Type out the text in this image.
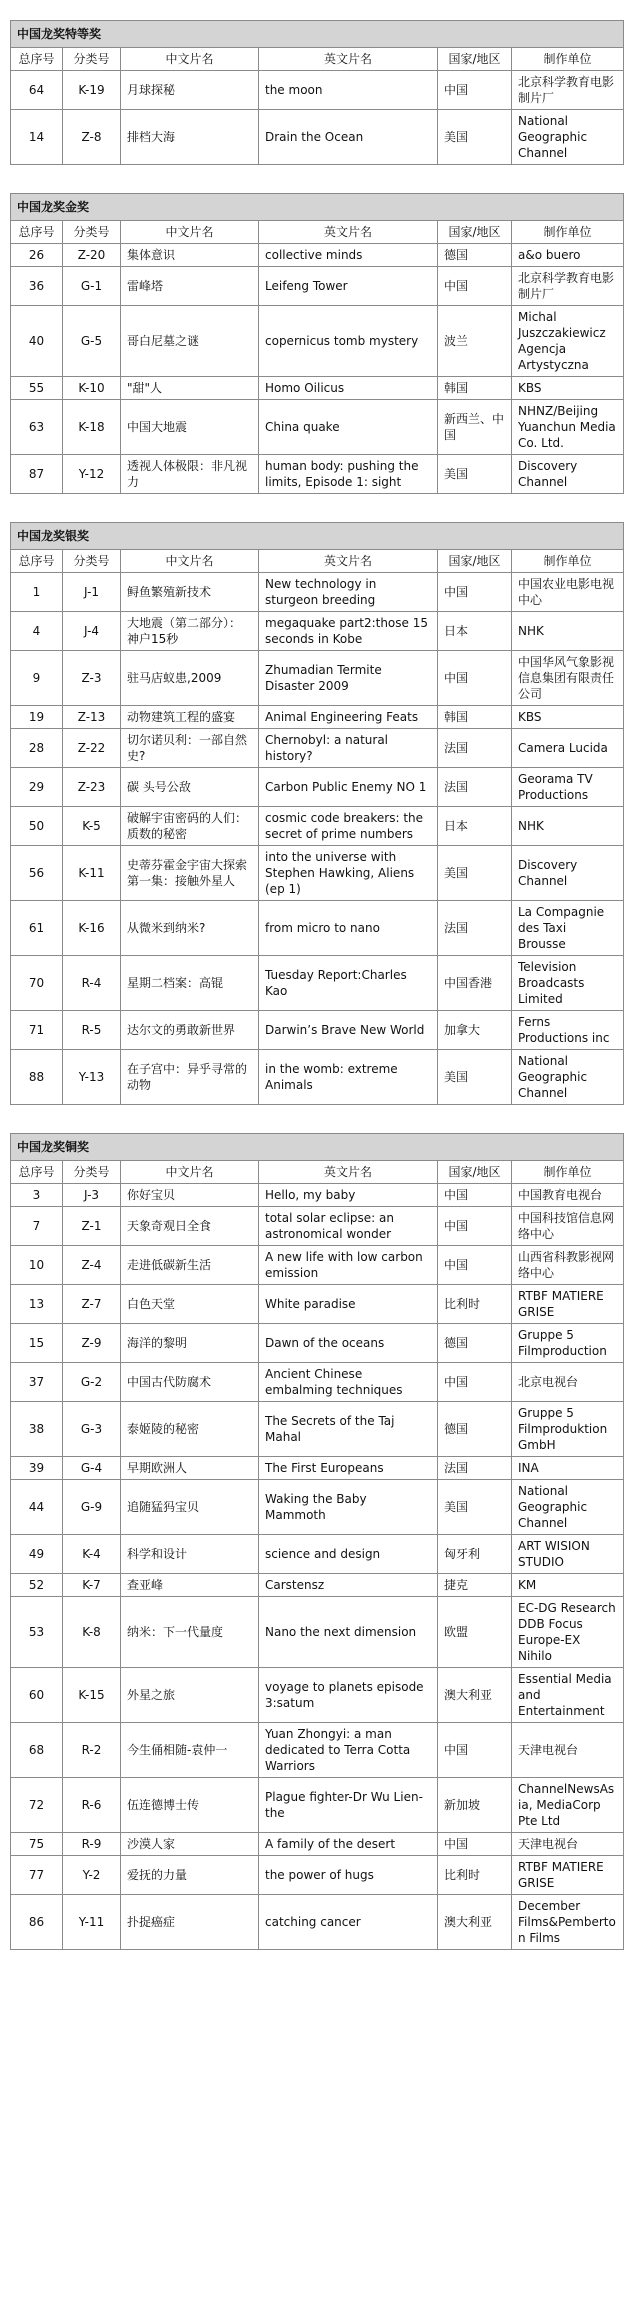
中国龙奖特等奖					
总序号	分类号	中文片名	英文片名	国家/地区	制作单位
64	K-19	月球探秘	the moon	中国	北京科学教育电影制片厂
14	Z-8	排档大海	Drain the Ocean	美国	National Geographic Channel
中国龙奖金奖					
总序号	分类号	中文片名	英文片名	国家/地区	制作单位
26	Z-20	集体意识	collective minds	德国	a&o buero
36	G-1	雷峰塔	Leifeng Tower	中国	北京科学教育电影制片厂
40	G-5	哥白尼墓之谜	copernicus tomb mystery	波兰	Michal Juszczakiewicz Agencja Artystyczna
55	K-10	"甜"人	Homo Oilicus	韩国	KBS
63	K-18	中国大地震	China quake	新西兰、中国	NHNZ/Beijing Yuanchun Media Co. Ltd.
87	Y-12	透视人体极限：非凡视力	human body: pushing the limits, Episode 1: sight	美国	Discovery Channel
中国龙奖银奖					
总序号	分类号	中文片名	英文片名	国家/地区	制作单位
1	J-1	鲟鱼繁殖新技术	New technology in sturgeon breeding	中国	中国农业电影电视中心
4	J-4	大地震（第二部分）：神户15秒	megaquake part2:those 15 seconds in Kobe	日本	NHK
9	Z-3	驻马店蚁患,2009	Zhumadian Termite Disaster 2009	中国	中国华风气象影视信息集团有限责任公司
19	Z-13	动物建筑工程的盛宴	Animal Engineering Feats	韩国	KBS
28	Z-22	切尔诺贝利：一部自然史?	Chernobyl: a natural history?	法国	Camera Lucida
29	Z-23	碳 头号公敌	Carbon Public Enemy NO 1	法国	Georama TV Productions
50	K-5	破解宇宙密码的人们：质数的秘密	cosmic code breakers: the secret of prime numbers	日本	NHK
56	K-11	史蒂芬霍金宇宙大探索第一集：接触外星人	into the universe with Stephen Hawking, Aliens (ep 1)	美国	Discovery Channel
61	K-16	从微米到纳米?	from micro to nano	法国	La Compagnie des Taxi Brousse
70	R-4	星期二档案：高锟	Tuesday Report:Charles Kao	中国香港	Television Broadcasts Limited
71	R-5	达尔文的勇敢新世界	Darwin’s Brave New World	加拿大	Ferns Productions inc
88	Y-13	在子宫中：异乎寻常的动物	in the womb: extreme Animals	美国	National Geographic Channel
中国龙奖铜奖					
总序号	分类号	中文片名	英文片名	国家/地区	制作单位
3	J-3	你好宝贝	Hello, my baby	中国	中国教育电视台
7	Z-1	天象奇观日全食	total solar eclipse: an astronomical wonder	中国	中国科技馆信息网络中心
10	Z-4	走进低碳新生活	A new life with low carbon emission	中国	山西省科教影视网络中心
13	Z-7	白色天堂	White paradise	比利时	RTBF MATIERE GRISE
15	Z-9	海洋的黎明	Dawn of the oceans	德国	Gruppe 5 Filmproduction
37	G-2	中国古代防腐术	Ancient Chinese embalming techniques	中国	北京电视台
38	G-3	泰姬陵的秘密	The Secrets of the Taj Mahal	德国	Gruppe 5 Filmproduktion GmbH
39	G-4	早期欧洲人	The First Europeans	法国	INA
44	G-9	追随猛犸宝贝	Waking the Baby Mammoth	美国	National Geographic Channel
49	K-4	科学和设计	science and design	匈牙利	ART WISION STUDIO
52	K-7	查亚峰	Carstensz	捷克	KM
53	K-8	纳米：下一代量度	Nano the next dimension	欧盟	EC-DG Research DDB Focus Europe-EX Nihilo
60	K-15	外星之旅	voyage to planets episode 3:satum	澳大利亚	Essential Media and Entertainment
68	R-2	今生俑相随-袁仲一	Yuan Zhongyi: a man dedicated to Terra Cotta Warriors	中国	天津电视台
72	R-6	伍连德博士传	Plague fighter-Dr Wu Lien-the	新加坡	ChannelNewsAsia, MediaCorp Pte Ltd
75	R-9	沙漠人家	A family of the desert	中国	天津电视台
77	Y-2	爱抚的力量	the power of hugs	比利时	RTBF MATIERE GRISE
86	Y-11	扑捉癌症	catching cancer	澳大利亚	December Films&Pemberton Films
